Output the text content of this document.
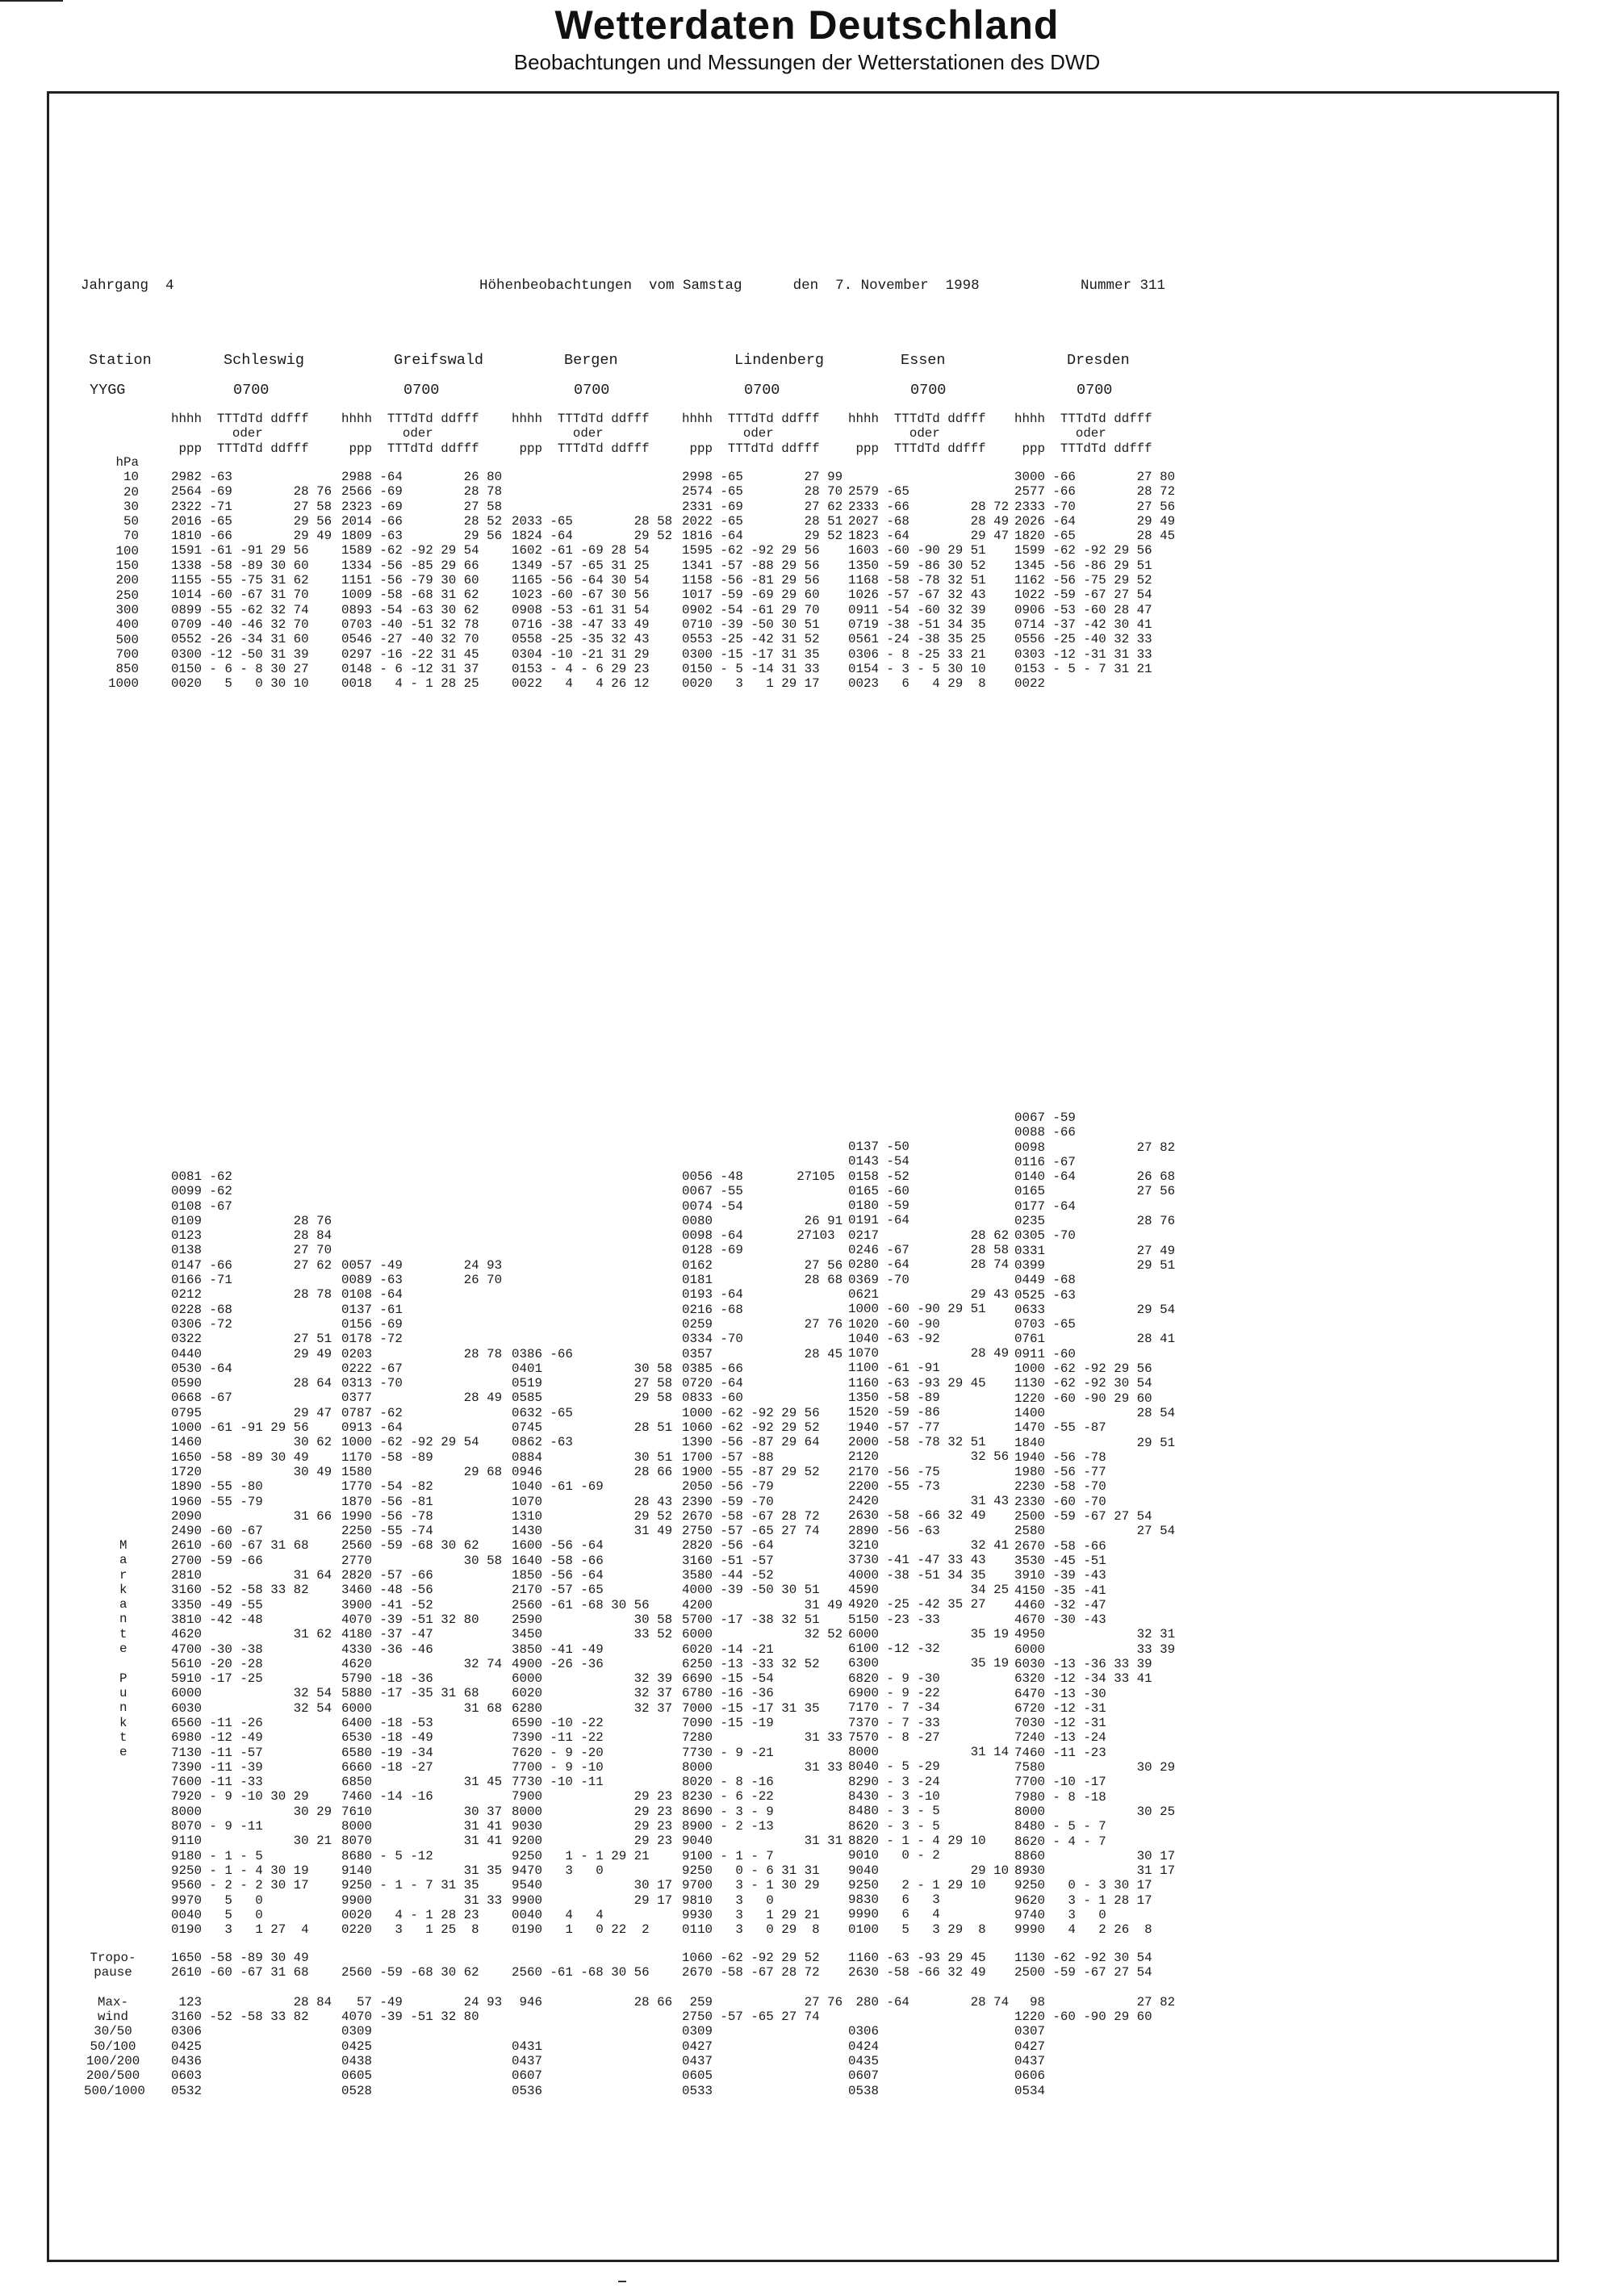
Wetterdaten Deutschland
Beobachtungen und Messungen der Wetterstationen des DWD
Jahrgang  4	Höhenbeobachtungen  vom Samstag      den  7. November  1998	Nummer 311
Station
YYGG
hPa
10
20
30
50
70
100
150
200
250
300
400
500
700
850
1000
M
a
r
k
a
n
t
e

P
u
n
k
t
e
Tropo-
pause

Max-
wind
30/50
50/100
100/200
200/500
500/1000
Schleswig
0700
hhhh  TTTdTd ddfff
oder
ppp  TTTdTd ddfff
2982 -63
2564 -69        28 76
2322 -71        27 58
2016 -65        29 56
1810 -66        29 49
1591 -61 -91 29 56
1338 -58 -89 30 60
1155 -55 -75 31 62
1014 -60 -67 31 70
0899 -55 -62 32 74
0709 -40 -46 32 70
0552 -26 -34 31 60
0300 -12 -50 31 39
0150 - 6 - 8 30 27
0020   5   0 30 10
0081 -62
0099 -62
0108 -67
0109            28 76
0123            28 84
0138            27 70
0147 -66        27 62
0166 -71
0212            28 78
0228 -68
0306 -72
0322            27 51
0440            29 49
0530 -64
0590            28 64
0668 -67
0795            29 47
1000 -61 -91 29 56
1460            30 62
1650 -58 -89 30 49
1720            30 49
1890 -55 -80
1960 -55 -79
2090            31 66
2490 -60 -67
2610 -60 -67 31 68
2700 -59 -66
2810            31 64
3160 -52 -58 33 82
3350 -49 -55
3810 -42 -48
4620            31 62
4700 -30 -38
5610 -20 -28
5910 -17 -25
6000            32 54
6030            32 54
6560 -11 -26
6980 -12 -49
7130 -11 -57
7390 -11 -39
7600 -11 -33
7920 - 9 -10 30 29
8000            30 29
8070 - 9 -11
9110            30 21
9180 - 1 - 5
9250 - 1 - 4 30 19
9560 - 2 - 2 30 17
9970   5   0
0040   5   0
0190   3   1 27  4
1650 -58 -89 30 49
2610 -60 -67 31 68

123            28 84
3160 -52 -58 33 82
0306
0425
0436
0603
0532
Greifswald
0700
hhhh  TTTdTd ddfff
oder
ppp  TTTdTd ddfff
2988 -64        26 80
2566 -69        28 78
2323 -69        27 58
2014 -66        28 52
1809 -63        29 56
1589 -62 -92 29 54
1334 -56 -85 29 66
1151 -56 -79 30 60
1009 -58 -68 31 62
0893 -54 -63 30 62
0703 -40 -51 32 78
0546 -27 -40 32 70
0297 -16 -22 31 45
0148 - 6 -12 31 37
0018   4 - 1 28 25

0057 -49        24 93
0089 -63        26 70
0108 -64
0137 -61
0156 -69
0178 -72
0203            28 78
0222 -67
0313 -70
0377            28 49
0787 -62
0913 -64
1000 -62 -92 29 54
1170 -58 -89
1580            29 68
1770 -54 -82
1870 -56 -81
1990 -56 -78
2250 -55 -74
2560 -59 -68 30 62
2770            30 58
2820 -57 -66
3460 -48 -56
3900 -41 -52
4070 -39 -51 32 80
4180 -37 -47
4330 -36 -46
4620            32 74
5790 -18 -36
5880 -17 -35 31 68
6000            31 68
6400 -18 -53
6530 -18 -49
6580 -19 -34
6660 -18 -27
6850            31 45
7460 -14 -16
7610            30 37
8000            31 41
8070            31 41
8680 - 5 -12
9140            31 35
9250 - 1 - 7 31 35
9900            31 33
0020   4 - 1 28 23
0220   3   1 25  8

2560 -59 -68 30 62

57 -49        24 93
4070 -39 -51 32 80
0309
0425
0438
0605
0528
Bergen
0700
hhhh  TTTdTd ddfff
oder
ppp  TTTdTd ddfff

2033 -65        28 58
1824 -64        29 52
1602 -61 -69 28 54
1349 -57 -65 31 25
1165 -56 -64 30 54
1023 -60 -67 30 56
0908 -53 -61 31 54
0716 -38 -47 33 49
0558 -25 -35 32 43
0304 -10 -21 31 29
0153 - 4 - 6 29 23
0022   4   4 26 12

0386 -66
0401            30 58
0519            27 58
0585            29 58
0632 -65
0745            28 51
0862 -63
0884            30 51
0946            28 66
1040 -61 -69
1070            28 43
1310            29 52
1430            31 49
1600 -56 -64
1640 -58 -66
1850 -56 -64
2170 -57 -65
2560 -61 -68 30 56
2590            30 58
3450            33 52
3850 -41 -49
4900 -26 -36
6000            32 39
6020            32 37
6280            32 37
6590 -10 -22
7390 -11 -22
7620 - 9 -20
7700 - 9 -10
7730 -10 -11
7900            29 23
8000            29 23
9030            29 23
9200            29 23
9250   1 - 1 29 21
9470   3   0
9540            30 17
9900            29 17
0040   4   4
0190   1   0 22  2

2560 -61 -68 30 56

946            28 66

0431
0437
0607
0536
Lindenberg
0700
hhhh  TTTdTd ddfff
oder
ppp  TTTdTd ddfff
2998 -65        27 99
2574 -65        28 70
2331 -69        27 62
2022 -65        28 51
1816 -64        29 52
1595 -62 -92 29 56
1341 -57 -88 29 56
1158 -56 -81 29 56
1017 -59 -69 29 60
0902 -54 -61 29 70
0710 -39 -50 30 51
0553 -25 -42 31 52
0300 -15 -17 31 35
0150 - 5 -14 31 33
0020   3   1 29 17
0056 -48       27105
0067 -55
0074 -54
0080            26 91
0098 -64       27103
0128 -69
0162            27 56
0181            28 68
0193 -64
0216 -68
0259            27 76
0334 -70
0357            28 45
0385 -66
0720 -64
0833 -60
1000 -62 -92 29 56
1060 -62 -92 29 52
1390 -56 -87 29 64
1700 -57 -88
1900 -55 -87 29 52
2050 -56 -79
2390 -59 -70
2670 -58 -67 28 72
2750 -57 -65 27 74
2820 -56 -64
3160 -51 -57
3580 -44 -52
4000 -39 -50 30 51
4200            31 49
5700 -17 -38 32 51
6000            32 52
6020 -14 -21
6250 -13 -33 32 52
6690 -15 -54
6780 -16 -36
7000 -15 -17 31 35
7090 -15 -19
7280            31 33
7730 - 9 -21
8000            31 33
8020 - 8 -16
8230 - 6 -22
8690 - 3 - 9
8900 - 2 -13
9040            31 31
9100 - 1 - 7
9250   0 - 6 31 31
9700   3 - 1 30 29
9810   3   0
9930   3   1 29 21
0110   3   0 29  8
1060 -62 -92 29 52
2670 -58 -67 28 72

259            27 76
2750 -57 -65 27 74
0309
0427
0437
0605
0533
Essen
0700
hhhh  TTTdTd ddfff
oder
ppp  TTTdTd ddfff

2579 -65
2333 -66        28 72
2027 -68        28 49
1823 -64        29 47
1603 -60 -90 29 51
1350 -59 -86 30 52
1168 -58 -78 32 51
1026 -57 -67 32 43
0911 -54 -60 32 39
0719 -38 -51 34 35
0561 -24 -38 35 25
0306 - 8 -25 33 21
0154 - 3 - 5 30 10
0023   6   4 29  8
0137 -50
0143 -54
0158 -52
0165 -60
0180 -59
0191 -64
0217            28 62
0246 -67        28 58
0280 -64        28 74
0369 -70
0621            29 43
1000 -60 -90 29 51
1020 -60 -90
1040 -63 -92
1070            28 49
1100 -61 -91
1160 -63 -93 29 45
1350 -58 -89
1520 -59 -86
1940 -57 -77
2000 -58 -78 32 51
2120            32 56
2170 -56 -75
2200 -55 -73
2420            31 43
2630 -58 -66 32 49
2890 -56 -63
3210            32 41
3730 -41 -47 33 43
4000 -38 -51 34 35
4590            34 25
4920 -25 -42 35 27
5150 -23 -33
6000            35 19
6100 -12 -32
6300            35 19
6820 - 9 -30
6900 - 9 -22
7170 - 7 -34
7370 - 7 -33
7570 - 8 -27
8000            31 14
8040 - 5 -29
8290 - 3 -24
8430 - 3 -10
8480 - 3 - 5
8620 - 3 - 5
8820 - 1 - 4 29 10
9010   0 - 2
9040            29 10
9250   2 - 1 29 10
9830   6   3
9990   6   4
0100   5   3 29  8
1160 -63 -93 29 45
2630 -58 -66 32 49

280 -64        28 74

0306
0424
0435
0607
0538
Dresden
0700
hhhh  TTTdTd ddfff
oder
ppp  TTTdTd ddfff
3000 -66        27 80
2577 -66        28 72
2333 -70        27 56
2026 -64        29 49
1820 -65        28 45
1599 -62 -92 29 56
1345 -56 -86 29 51
1162 -56 -75 29 52
1022 -59 -67 27 54
0906 -53 -60 28 47
0714 -37 -42 30 41
0556 -25 -40 32 33
0303 -12 -31 31 33
0153 - 5 - 7 31 21
0022
0067 -59
0088 -66
0098            27 82
0116 -67
0140 -64        26 68
0165            27 56
0177 -64
0235            28 76
0305 -70
0331            27 49
0399            29 51
0449 -68
0525 -63
0633            29 54
0703 -65
0761            28 41
0911 -60
1000 -62 -92 29 56
1130 -62 -92 30 54
1220 -60 -90 29 60
1400            28 54
1470 -55 -87
1840            29 51
1940 -56 -78
1980 -56 -77
2230 -58 -70
2330 -60 -70
2500 -59 -67 27 54
2580            27 54
2670 -58 -66
3530 -45 -51
3910 -39 -43
4150 -35 -41
4460 -32 -47
4670 -30 -43
4950            32 31
6000            33 39
6030 -13 -36 33 39
6320 -12 -34 33 41
6470 -13 -30
6720 -12 -31
7030 -12 -31
7240 -13 -24
7460 -11 -23
7580            30 29
7700 -10 -17
7980 - 8 -18
8000            30 25
8480 - 5 - 7
8620 - 4 - 7
8860            30 17
8930            31 17
9250   0 - 3 30 17
9620   3 - 1 28 17
9740   3   0
9990   4   2 26  8
1130 -62 -92 30 54
2500 -59 -67 27 54

98            27 82
1220 -60 -90 29 60
0307
0427
0437
0606
0534
